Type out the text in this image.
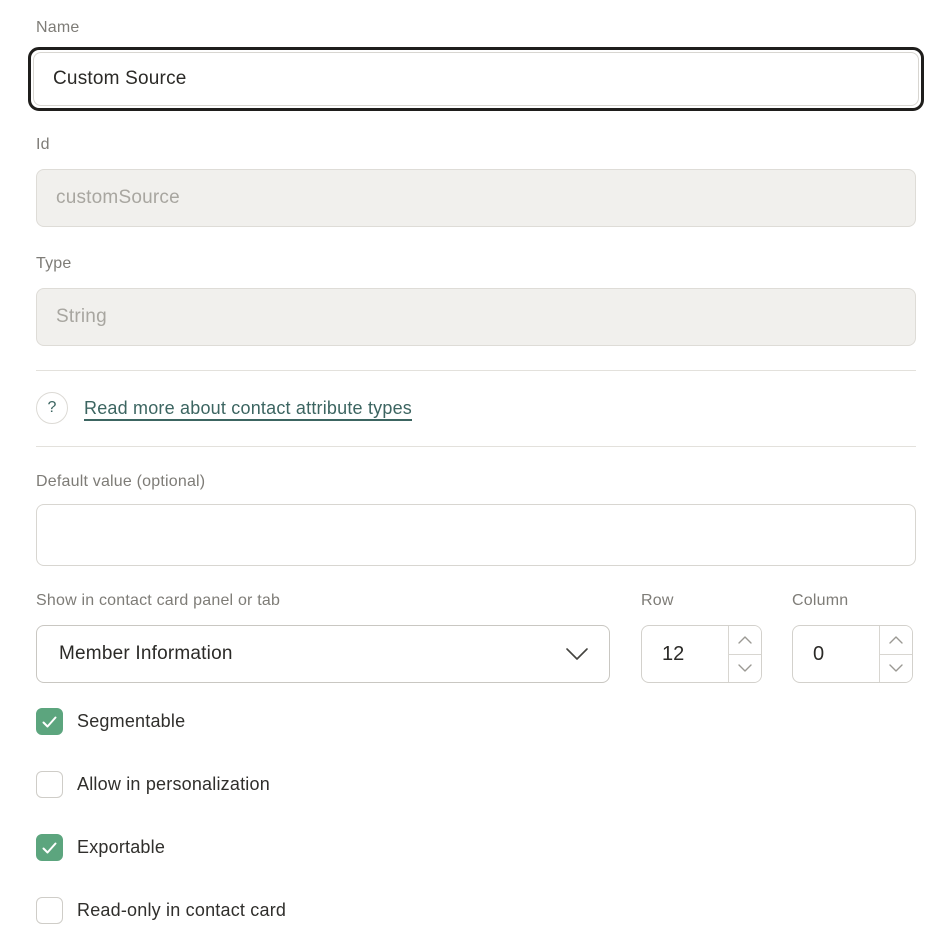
Name
Custom Source
Id
customSource
Type
String
?	Read more about contact attribute types
Default value (optional)
Show in contact card panel or tab
Member Information
Row
12	Column
0
Segmentable
Allow in personalization
Exportable
Read-only in contact card
